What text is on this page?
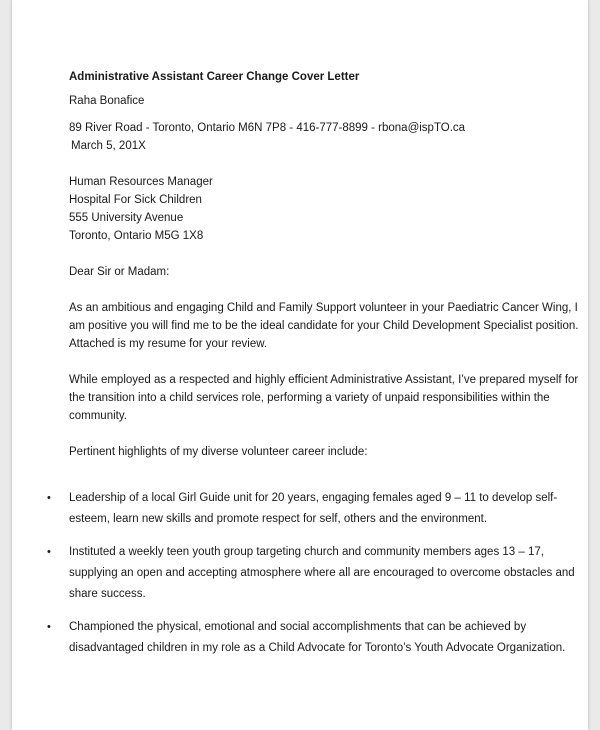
Administrative Assistant Career Change Cover Letter
Raha Bonafice
89 River Road - Toronto, Ontario M6N 7P8 - 416-777-8899 - rbona@ispTO.ca
March 5, 201X
Human Resources Manager
Hospital For Sick Children
555 University Avenue
Toronto, Ontario M5G 1X8
Dear Sir or Madam:
As an ambitious and engaging Child and Family Support volunteer in your Paediatric Cancer Wing, I
am positive you will find me to be the ideal candidate for your Child Development Specialist position.
Attached is my resume for your review.
While employed as a respected and highly efficient Administrative Assistant, I’ve prepared myself for
the transition into a child services role, performing a variety of unpaid responsibilities within the
community.
Pertinent highlights of my diverse volunteer career include:
• Leadership of a local Girl Guide unit for 20 years, engaging females aged 9 – 11 to develop self-
esteem, learn new skills and promote respect for self, others and the environment.
• Instituted a weekly teen youth group targeting church and community members ages 13 – 17,
supplying an open and accepting atmosphere where all are encouraged to overcome obstacles and
share success.
• Championed the physical, emotional and social accomplishments that can be achieved by
disadvantaged children in my role as a Child Advocate for Toronto’s Youth Advocate Organization.
